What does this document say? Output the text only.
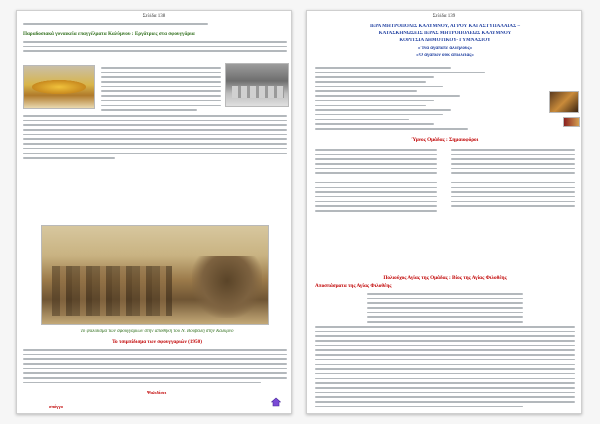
Σελίδα 138
Παραδοσιακά γυναικεία επαγγέλματα Καλύμνου : Εργάτριες στα σφουγγάρια
Το ψαλίδισμα των σφουγγαριών στην αποθήκη του Ν. Βουβάλη στην Κάλυμνο
Το τσιμπίδισμα των σφουγγαριών (1950)
Ψαλιδίσει
σπόγγο
Σελίδα 139
ΙΕΡΑ ΜΗΤΡΟΠΟΛΙΣ ΚΑΛΥΜΝΟΥ, ΑΓΡΟΥ ΚΑΙ ΑΣΤΥΠΑΛΑΙΑΣ –
ΚΑΤΑΣΚΗΝΩΣΕΙΣ ΙΕΡΑΣ ΜΗΤΡΟΠΟΛΕΩΣ ΚΑΛΥΜΝΟΥ
ΚΟΡΙΤΣΙΑ ΔΗΜΟΤΙΚΟΥ- ΓΥΜΝΑΣΙΟΥ
«Ἵνα ἀγαπᾶτε ἀλλήλους»
«Ὁ ἀγαπῶν οὐκ ἀπωλείας»
Ύμνος Ομάδας : Σημαιοφόροι
Πολιούχος Αγίας της Ομάδας : Βίος της Αγίας Φιλοθέης
Αποσπάσματα της Αγίας Φιλοθέης
